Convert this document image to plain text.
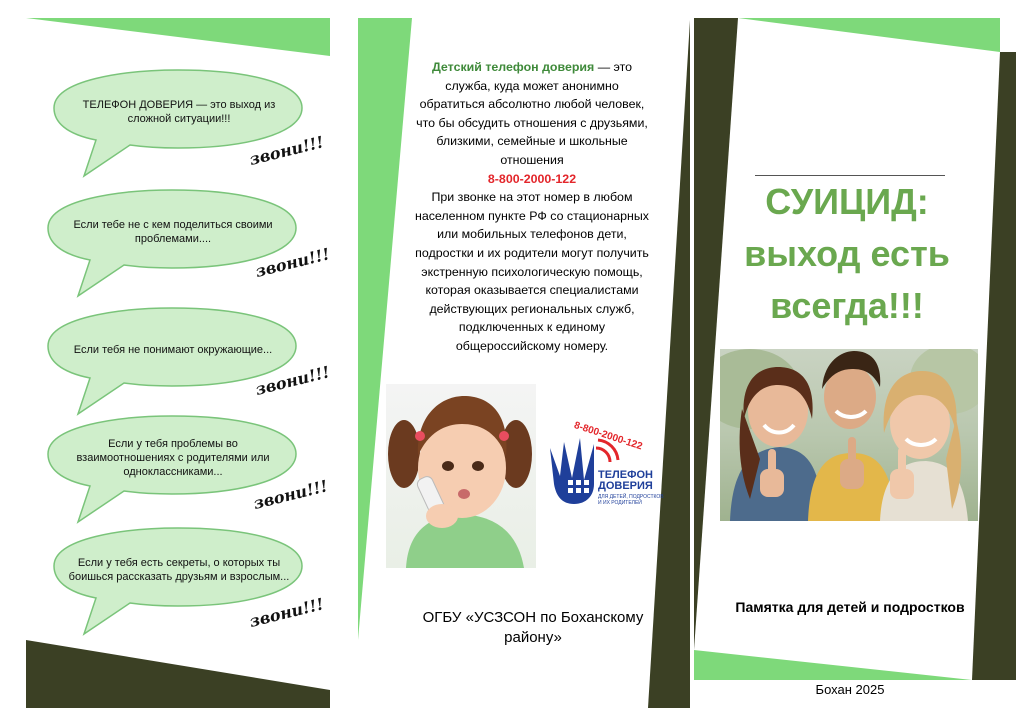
ТЕЛЕФОН ДОВЕРИЯ — это выход из сложной ситуации!!!
звони!!!
Если тебе не с кем поделиться своими проблемами....
звони!!!
Если тебя не понимают окружающие...
звони!!!
Если у тебя проблемы во взаимоотношениях с родителями или одноклассниками...
звони!!!
Если у тебя есть секреты, о которых ты боишься рассказать друзьям и взрослым...
звони!!!
Детский телефон доверия — это служба, куда может анонимно обратиться абсолютно любой человек, что бы обсудить отношения с друзьями, близкими, семейные и школьные отношения
8-800-2000-122
При звонке на этот номер в любом населенном пункте РФ со стационарных или мобильных телефонов дети, подростки и их родители могут получить экстренную психологическую помощь, которая оказывается специалистами действующих региональных служб, подключенных к единому общероссийскому номеру.
8-800-2000-122
ТЕЛЕФОН
ДОВЕРИЯ
ДЛЯ ДЕТЕЙ, ПОДРОСТКОВ
И ИХ РОДИТЕЛЕЙ
ОГБУ «УСЗСОН по Боханскому району»
СУИЦИД:
выход есть
всегда!!!
Памятка для детей и подростков
Бохан 2025
